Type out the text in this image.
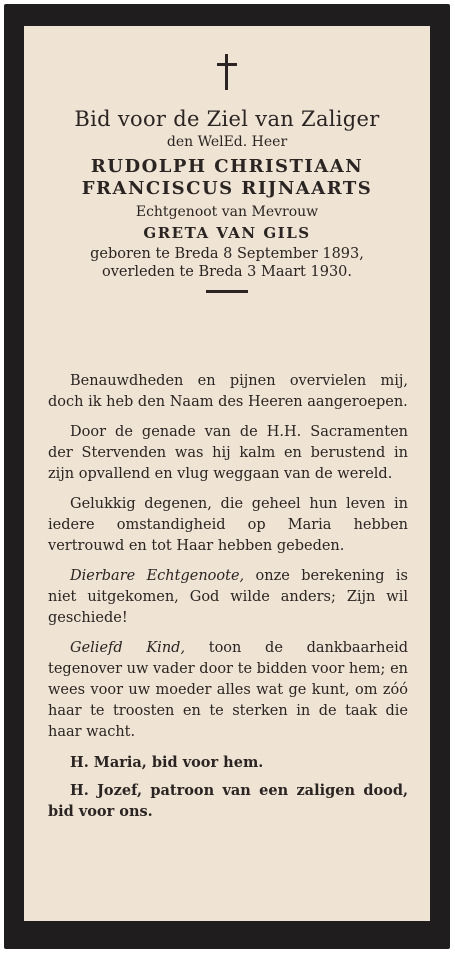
Bid voor de Ziel van Zaliger
den WelEd. Heer
RUDOLPH CHRISTIAAN
FRANCISCUS RIJNAARTS
Echtgenoot van Mevrouw
GRETA VAN GILS
geboren te Breda 8 September 1893,
overleden te Breda 3 Maart 1930.

Benauwdheden en pijnen overvielen mij, doch ik heb den Naam des Heeren aangeroepen.

Door de genade van de H.H. Sacramenten der Stervenden was hij kalm en berustend in zijn opvallend en vlug weggaan van de wereld.

Gelukkig degenen, die geheel hun leven in iedere omstandigheid op Maria hebben vertrouwd en tot Haar hebben gebeden.

Dierbare Echtgenoote, onze berekening is niet uitgekomen, God wilde anders; Zijn wil geschiede!

Geliefd Kind, toon de dankbaarheid tegenover uw vader door te bidden voor hem; en wees voor uw moeder alles wat ge kunt, om zóó haar te troosten en te sterken in de taak die haar wacht.

H. Maria, bid voor hem.

H. Jozef, patroon van een zaligen dood, bid voor ons.
